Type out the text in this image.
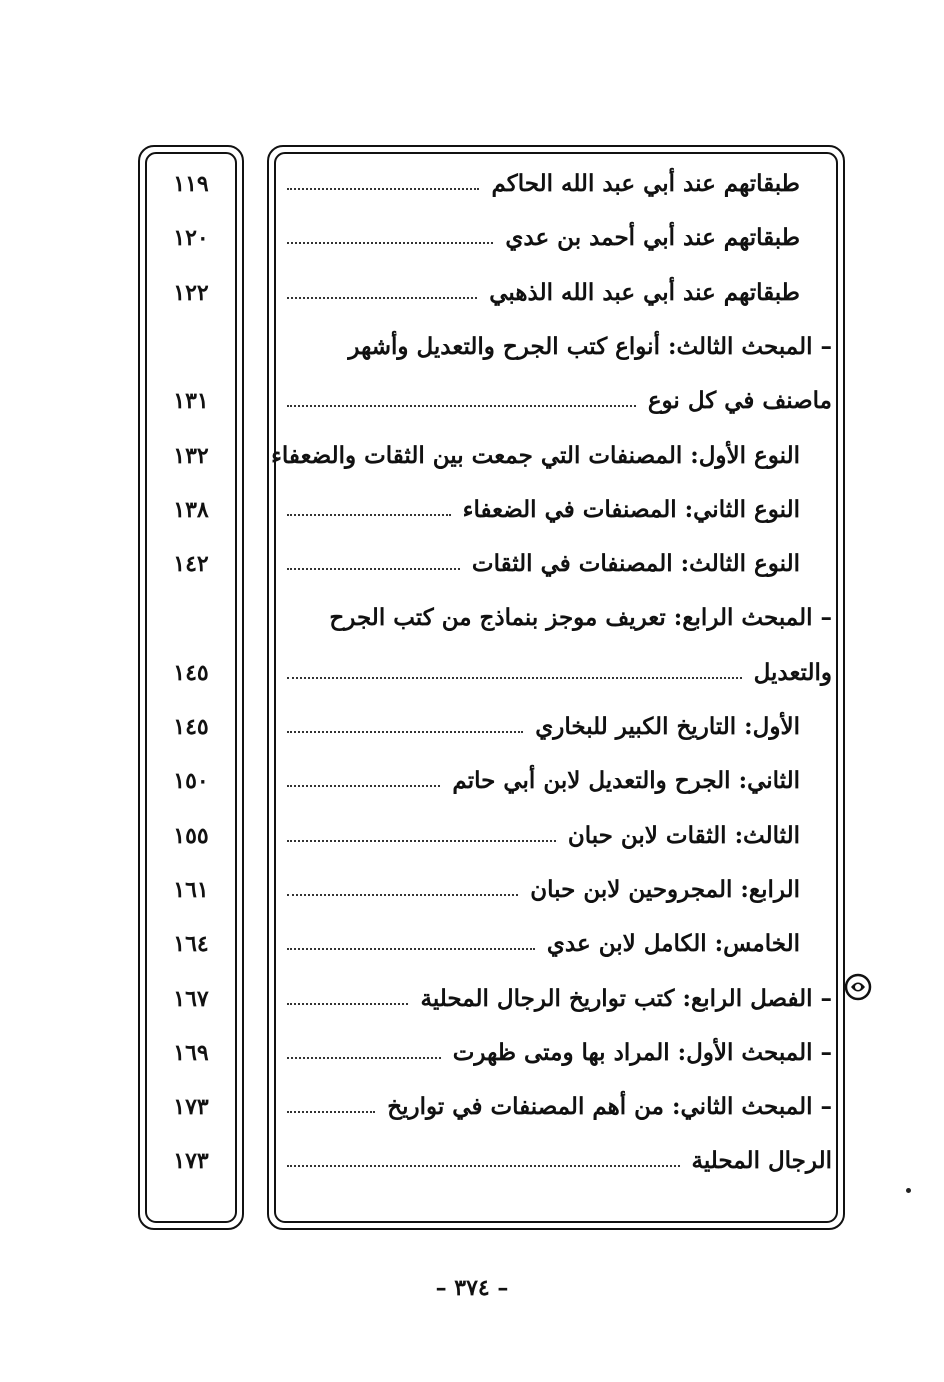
طبقاتهم عند أبي عبد الله الحاكم
١١٩
طبقاتهم عند أبي أحمد بن عدي
١٢٠
طبقاتهم عند أبي عبد الله الذهبي
١٢٢
– المبحث الثالث: أنواع كتب الجرح والتعديل وأشهر
ماصنف في كل نوع
١٣١
النوع الأول: المصنفات التي جمعت بين الثقات والضعفاء
١٣٢
النوع الثاني: المصنفات في الضعفاء
١٣٨
النوع الثالث: المصنفات في الثقات
١٤٢
– المبحث الرابع: تعريف موجز بنماذج من كتب الجرح
والتعديل
١٤٥
الأول: التاريخ الكبير للبخاري
١٤٥
الثاني: الجرح والتعديل لابن أبي حاتم
١٥٠
الثالث: الثقات لابن حبان
١٥٥
الرابع: المجروحين لابن حبان
١٦١
الخامس: الكامل لابن عدي
١٦٤
– الفصل الرابع: كتب تواريخ الرجال المحلية
١٦٧
– المبحث الأول: المراد بها ومتى ظهرت
١٦٩
– المبحث الثاني: من أهم المصنفات في تواريخ
١٧٣
الرجال المحلية
١٧٣
– ٣٧٤ –
